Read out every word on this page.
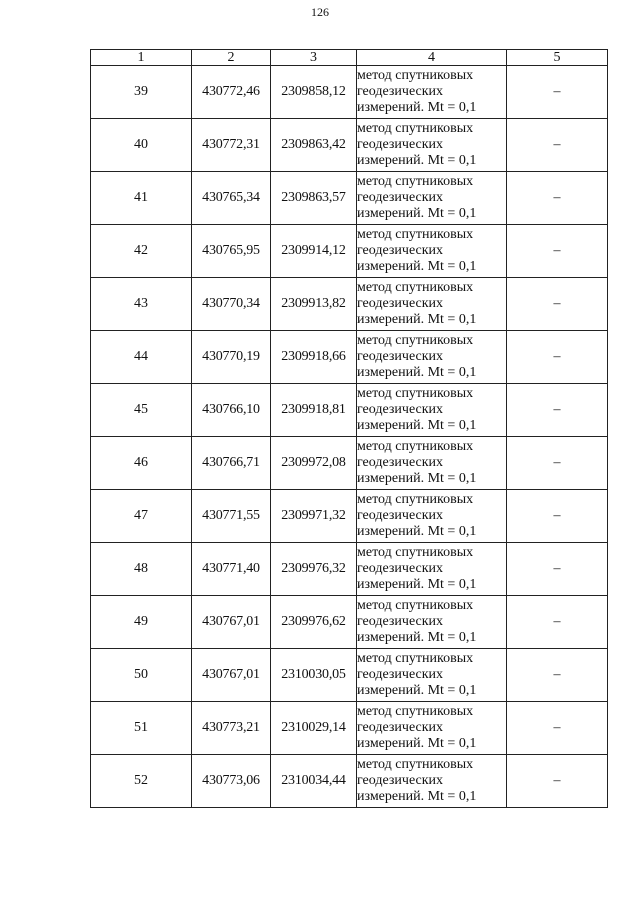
126
1	2	3	4	5
39	430772,46	2309858,12	метод спутниковых
геодезических
измерений. Mt = 0,1	–
40	430772,31	2309863,42	метод спутниковых
геодезических
измерений. Mt = 0,1	–
41	430765,34	2309863,57	метод спутниковых
геодезических
измерений. Mt = 0,1	–
42	430765,95	2309914,12	метод спутниковых
геодезических
измерений. Mt = 0,1	–
43	430770,34	2309913,82	метод спутниковых
геодезических
измерений. Mt = 0,1	–
44	430770,19	2309918,66	метод спутниковых
геодезических
измерений. Mt = 0,1	–
45	430766,10	2309918,81	метод спутниковых
геодезических
измерений. Mt = 0,1	–
46	430766,71	2309972,08	метод спутниковых
геодезических
измерений. Mt = 0,1	–
47	430771,55	2309971,32	метод спутниковых
геодезических
измерений. Mt = 0,1	–
48	430771,40	2309976,32	метод спутниковых
геодезических
измерений. Mt = 0,1	–
49	430767,01	2309976,62	метод спутниковых
геодезических
измерений. Mt = 0,1	–
50	430767,01	2310030,05	метод спутниковых
геодезических
измерений. Mt = 0,1	–
51	430773,21	2310029,14	метод спутниковых
геодезических
измерений. Mt = 0,1	–
52	430773,06	2310034,44	метод спутниковых
геодезических
измерений. Mt = 0,1	–
